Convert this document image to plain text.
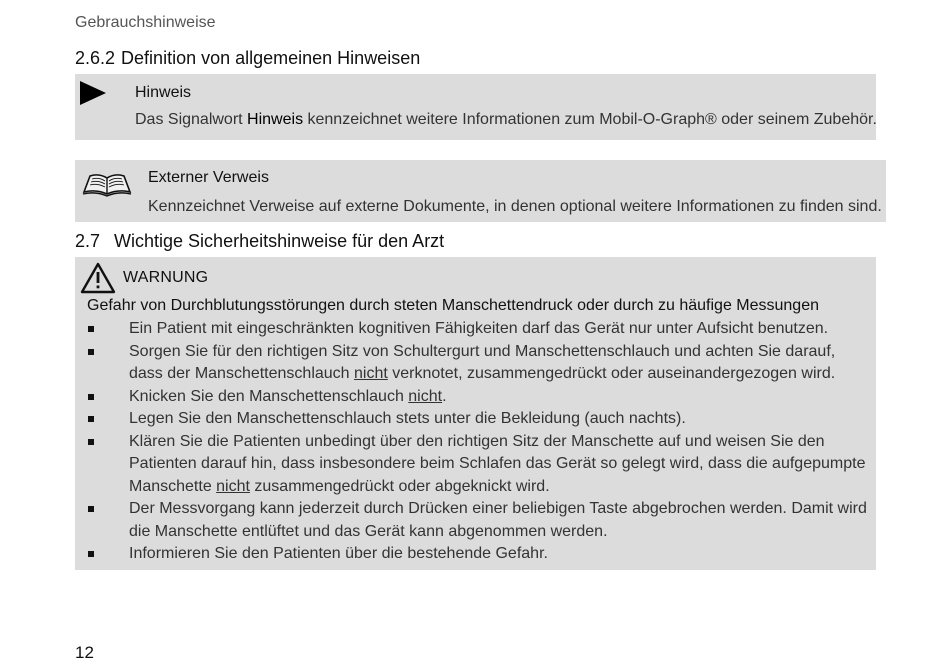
Gebrauchshinweise
2.6.2 Definition von allgemeinen Hinweisen
Hinweis
Das Signalwort Hinweis kennzeichnet weitere Informationen zum Mobil-O-Graph® oder seinem Zubehör.
Externer Verweis
Kennzeichnet Verweise auf externe Dokumente, in denen optional weitere Informationen zu finden sind.
2.7 Wichtige Sicherheitshinweise für den Arzt
WARNUNG
Gefahr von Durchblutungsstörungen durch steten Manschettendruck oder durch zu häufige Messungen
Ein Patient mit eingeschränkten kognitiven Fähigkeiten darf das Gerät nur unter Aufsicht benutzen.
Sorgen Sie für den richtigen Sitz von Schultergurt und Manschettenschlauch und achten Sie darauf, dass der Manschettenschlauch nicht verknotet, zusammengedrückt oder auseinandergezogen wird.
Knicken Sie den Manschettenschlauch nicht.
Legen Sie den Manschettenschlauch stets unter die Bekleidung (auch nachts).
Klären Sie die Patienten unbedingt über den richtigen Sitz der Manschette auf und weisen Sie den Patienten darauf hin, dass insbesondere beim Schlafen das Gerät so gelegt wird, dass die aufgepumpte Manschette nicht zusammengedrückt oder abgeknickt wird.
Der Messvorgang kann jederzeit durch Drücken einer beliebigen Taste abgebrochen werden. Damit wird die Manschette entlüftet und das Gerät kann abgenommen werden.
Informieren Sie den Patienten über die bestehende Gefahr.
12
